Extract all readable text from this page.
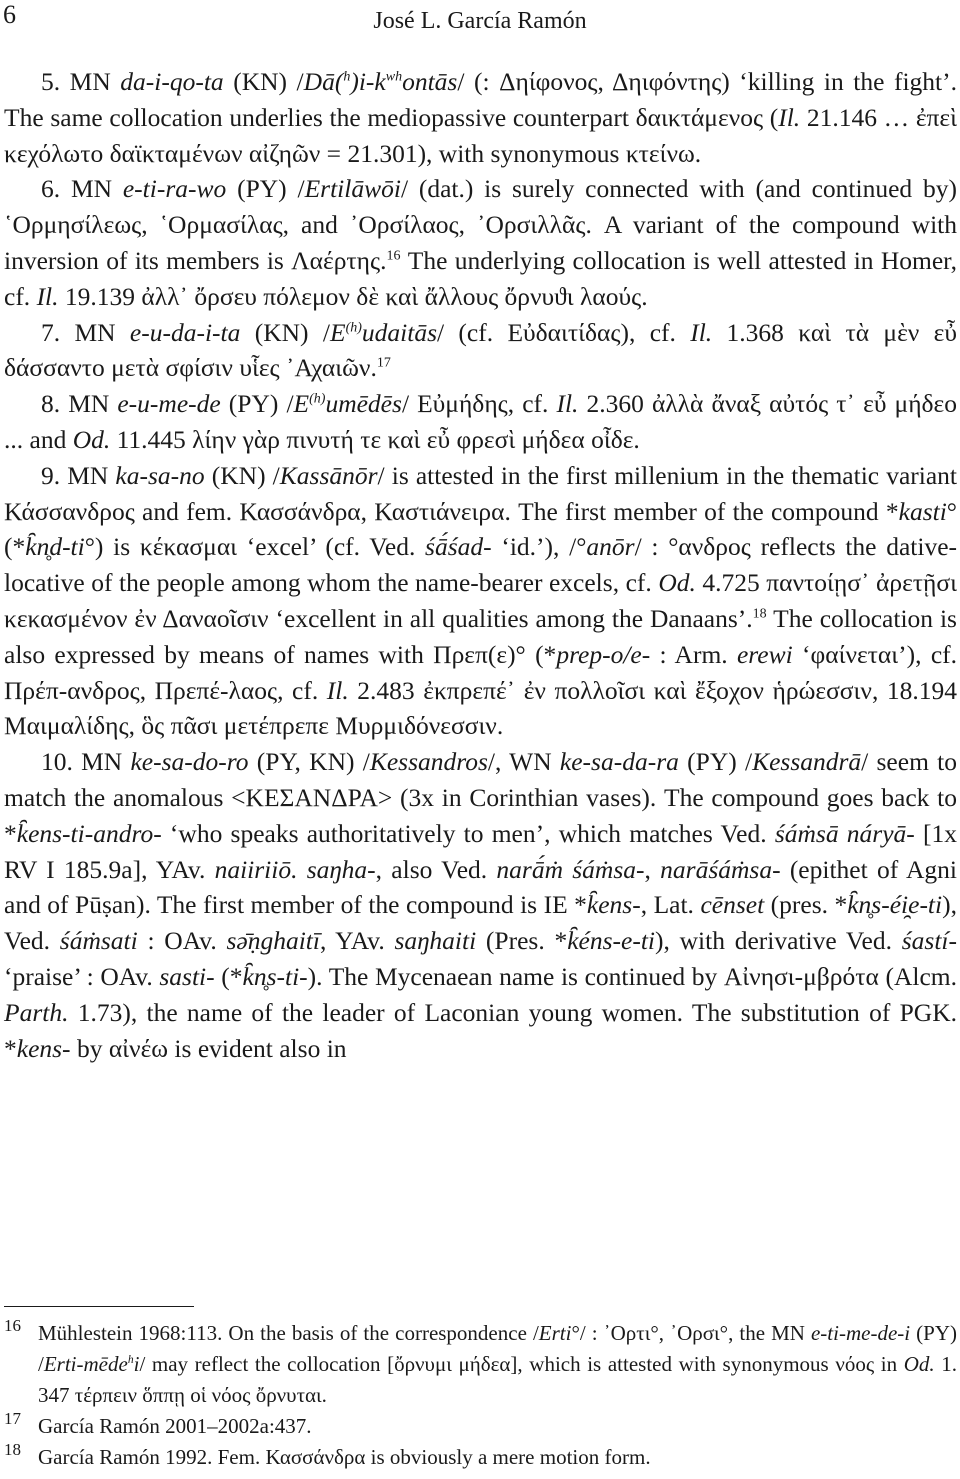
6	José L. García Ramón

5. MN da-i-qo-ta (KN) $/Dā(^h)i-k^{wh}ontās/$ (: Δηίφονος, Δηιφόντης) ‘killing in the fight’. The same collocation underlies the mediopassive counterpart δαικτάμενος (Il. 21.146 … ἐπεὶ κεχόλωτο δαϊκταμένων αἰζηῶν = 21.301), with synonymous κτείνω.

6. MN e-ti-ra-wo (PY) /Ertilāwōi/ (dat.) is surely connected with (and continued by) ῾Ορμησίλεως, ῾Ορμασίλας, and ᾿Ορσίλαος, ᾿Ορσιλλᾶς. A variant of the compound with inversion of its members is Λαέρτης.$^{16}$ The underlying collocation is well attested in Homer, cf. Il. 19.139 ἀλλ᾽ ὄρσευ πόλεμον δὲ καὶ ἄλλους ὄρνυϑι λαούς.

7. MN e-u-da-i-ta (KN) $/E^{(h)}udaitās/$ (cf. Εὐδαιτίδας), cf. Il. 1.368 καὶ τὰ μὲν εὖ δάσσαντο μετὰ σφίσιν υἷες ᾿Αχαιῶν.$^{17}$

8. MN e-u-me-de (PY) $/E^{(h)}umēdēs/$ Εὐμήδης, cf. Il. 2.360 ἀλλὰ ἄναξ αὐτός τ᾽ εὖ μήδεο ... and Od. 11.445 λίην γὰρ πινυτή τε καὶ εὖ φρεσὶ μήδεα οἶδε.

9. MN ka-sa-no (KN) /Kassānōr/ is attested in the first millenium in the thematic variant Κάσσανδρος and fem. Κασσάνδρα, Καστιάνειρα. The first member of the compound *kasti° (*k̑n̥d-ti°) is κέκασμαι ‘excel’ (cf. Ved. śā́śad- ‘id.’), /°anōr/ : °ανδρος reflects the dative-locative of the people among whom the name-bearer excels, cf. Od. 4.725 παντοίῃσ᾽ ἀρετῇσι κεκασμένον ἐν Δαναοῖσιν ‘excellent in all qualities among the Danaans’.$^{18}$ The collocation is also expressed by means of names with Πρεπ(ε)° (*prep-o/e- : Arm. erewi ‘φαίνεται’), cf. Πρέπ-ανδρος, Πρεπέ-λαος, cf. Il. 2.483 ἐκπρεπέ᾽ ἐν πολλοῖσι καὶ ἔξοχον ἡρώεσσιν, 18.194 Μαιμαλίδης, ὃς πᾶσι μετέπρεπε Μυρμιδόνεσσιν.

10. MN ke-sa-do-ro (PY, KN) /Kessandros/, WN ke-sa-da-ra (PY) /Kessandrā/ seem to match the anomalous <ΚΕΣΑΝΔΡΑ> (3x in Corinthian vases). The compound goes back to *k̑ens-ti-andro- ‘who speaks authoritatively to men’, which matches Ved. śáṁsā náryā- [1x RV I 185.9a], YAv. naiiriiō. saŋha-, also Ved. narā́ṁ śáṁsa-, narāśáṁsa- (epithet of Agni and of Pūṣan). The first member of the compound is IE *k̑ens-, Lat. cēnset (pres. *k̑n̥s-éi̯e-ti), Ved. śáṁsati : OAv. sə̄ṇghaitī, YAv. saŋhaiti (Pres. *k̑éns-e-ti), with derivative Ved. śastí- ‘praise’ : OAv. sasti- (*k̑n̥s-ti-). The Mycenaean name is continued by Αἰνησι-μβρότα (Alcm. Parth. 1.73), the name of the leader of Laconian young women. The substitution of PGK. *kens- by αἰνέω is evident also in

16 Mühlestein 1968:113. On the basis of the correspondence /Erti°/ : ᾿Ορτι°, ᾿Ορσι°, the MN e-ti-me-de-i (PY) /Erti-mēde$^h$i/ may reflect the collocation [ὄρνυμι μήδεα], which is attested with synonymous νόος in Od. 1. 347 τέρπειν ὅππῃ οἱ νόος ὄρνυται.
17 García Ramón 2001–2002a:437.
18 García Ramón 1992. Fem. Κασσάνδρα is obviously a mere motion form.
